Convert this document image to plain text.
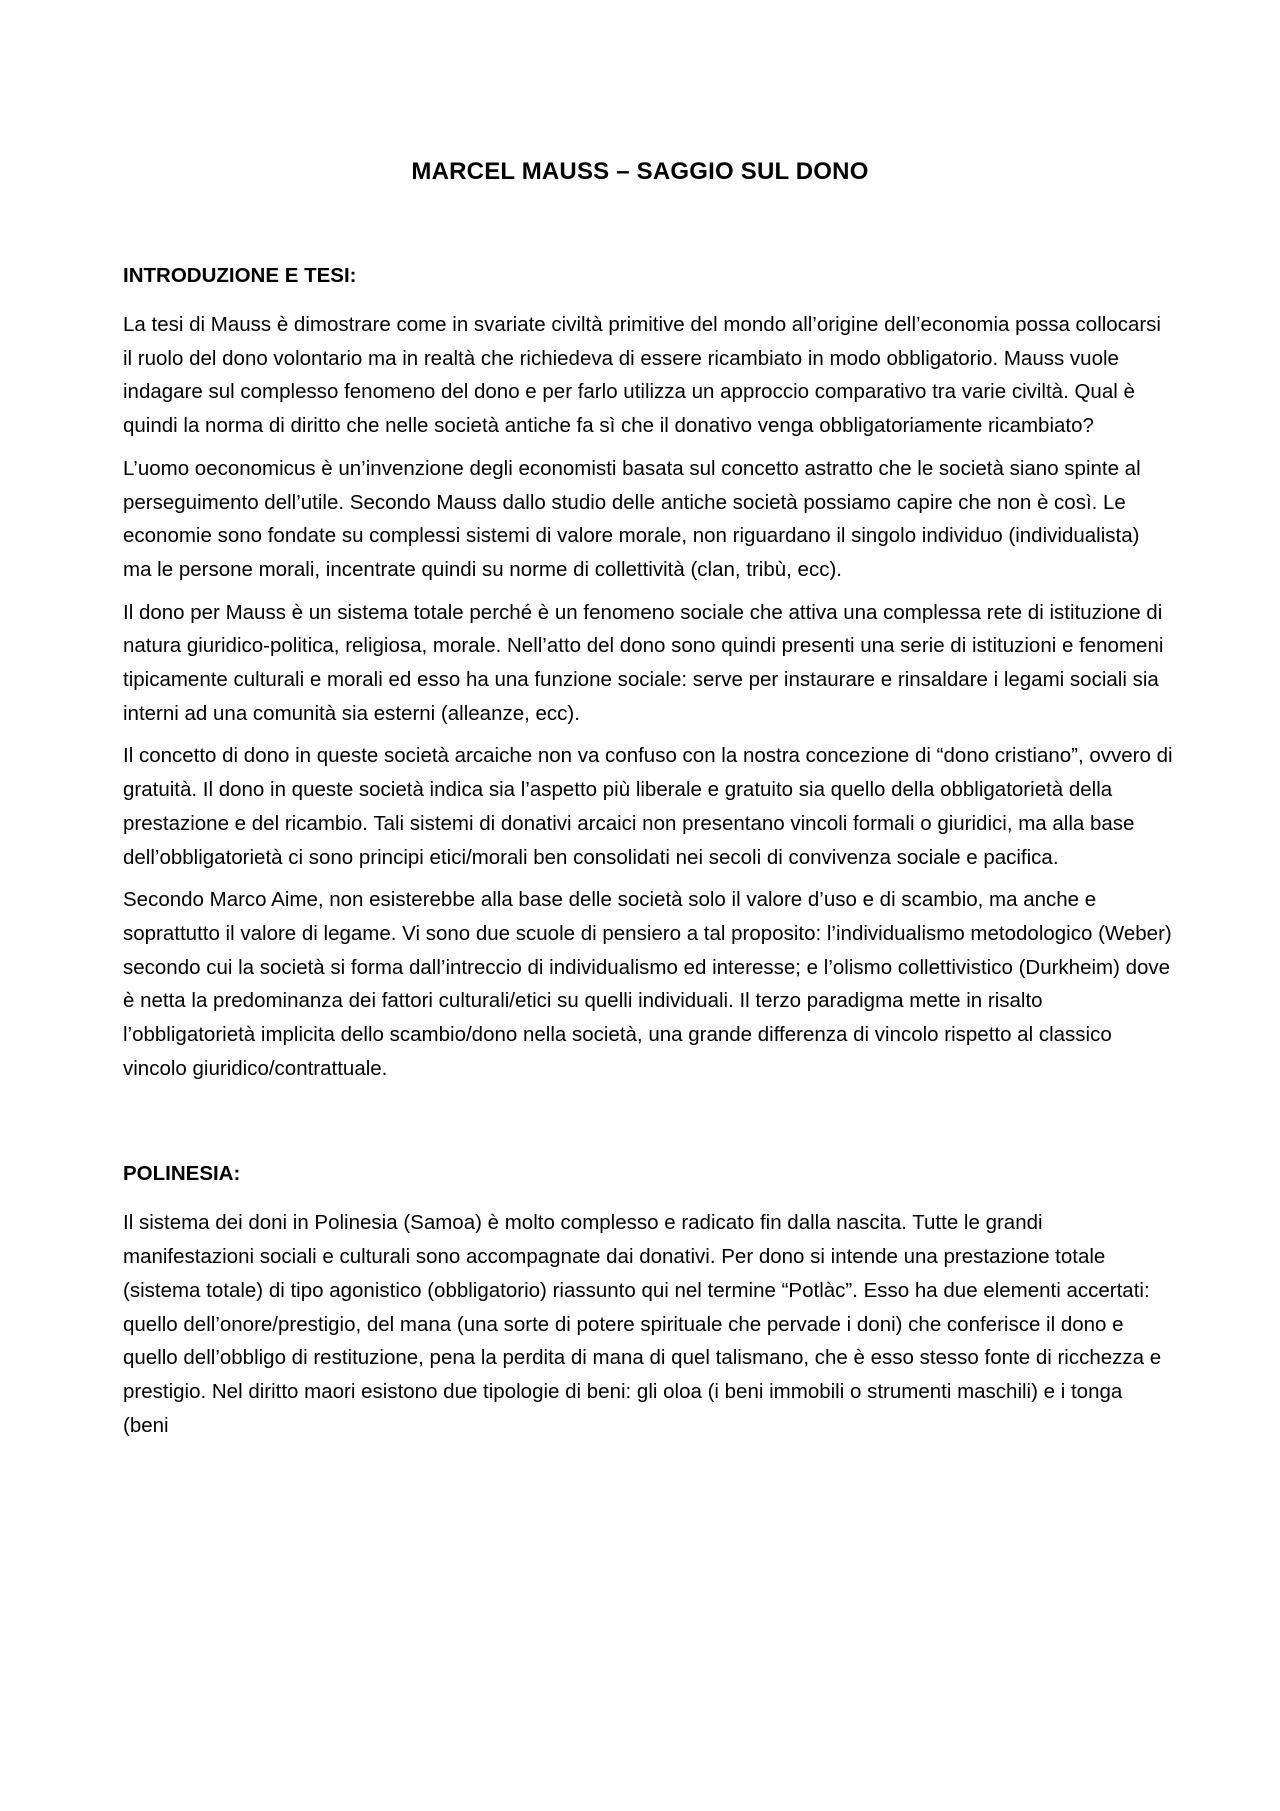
MARCEL MAUSS – SAGGIO SUL DONO
INTRODUZIONE E TESI:

La tesi di Mauss è dimostrare come in svariate civiltà primitive del mondo all’origine dell’economia possa collocarsi il ruolo del dono volontario ma in realtà che richiedeva di essere ricambiato in modo obbligatorio. Mauss vuole indagare sul complesso fenomeno del dono e per farlo utilizza un approccio comparativo tra varie civiltà. Qual è quindi la norma di diritto che nelle società antiche fa sì che il donativo venga obbligatoriamente ricambiato?

L’uomo oeconomicus è un’invenzione degli economisti basata sul concetto astratto che le società siano spinte al perseguimento dell’utile. Secondo Mauss dallo studio delle antiche società possiamo capire che non è così. Le economie sono fondate su complessi sistemi di valore morale, non riguardano il singolo individuo (individualista) ma le persone morali, incentrate quindi su norme di collettività (clan, tribù, ecc).

Il dono per Mauss è un sistema totale perché è un fenomeno sociale che attiva una complessa rete di istituzione di natura giuridico-politica, religiosa, morale. Nell’atto del dono sono quindi presenti una serie di istituzioni e fenomeni tipicamente culturali e morali ed esso ha una funzione sociale: serve per instaurare e rinsaldare i legami sociali sia interni ad una comunità sia esterni (alleanze, ecc).

Il concetto di dono in queste società arcaiche non va confuso con la nostra concezione di “dono cristiano”, ovvero di gratuità. Il dono in queste società indica sia l’aspetto più liberale e gratuito sia quello della obbligatorietà della prestazione e del ricambio. Tali sistemi di donativi arcaici non presentano vincoli formali o giuridici, ma alla base dell’obbligatorietà ci sono principi etici/morali ben consolidati nei secoli di convivenza sociale e pacifica.

Secondo Marco Aime, non esisterebbe alla base delle società solo il valore d’uso e di scambio, ma anche e soprattutto il valore di legame. Vi sono due scuole di pensiero a tal proposito: l’individualismo metodologico (Weber) secondo cui la società si forma dall’intreccio di individualismo ed interesse; e l’olismo collettivistico (Durkheim) dove è netta la predominanza dei fattori culturali/etici su quelli individuali. Il terzo paradigma mette in risalto l’obbligatorietà implicita dello scambio/dono nella società, una grande differenza di vincolo rispetto al classico vincolo giuridico/contrattuale.

POLINESIA:

Il sistema dei doni in Polinesia (Samoa) è molto complesso e radicato fin dalla nascita. Tutte le grandi manifestazioni sociali e culturali sono accompagnate dai donativi. Per dono si intende una prestazione totale (sistema totale) di tipo agonistico (obbligatorio) riassunto qui nel termine “Potlàc”. Esso ha due elementi accertati: quello dell’onore/prestigio, del mana (una sorte di potere spirituale che pervade i doni) che conferisce il dono e quello dell’obbligo di restituzione, pena la perdita di mana di quel talismano, che è esso stesso fonte di ricchezza e prestigio. Nel diritto maori esistono due tipologie di beni: gli oloa (i beni immobili o strumenti maschili) e i tonga (beni
